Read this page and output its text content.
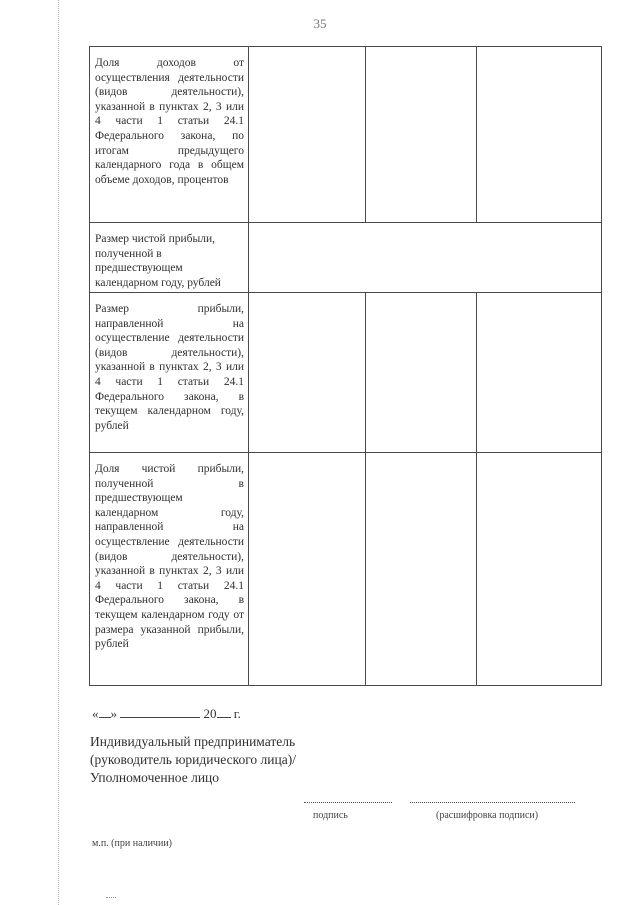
35
Доля доходов от осуществления деятельности (видов деятельности), указанной в пунктах 2, 3 или 4 части 1 статьи 24.1 Федерального закона, по итогам предыдущего календарного года в общем объеме доходов, процентов			
Размер чистой прибыли, полученной в предшествующем календарном году, рублей			
Размер прибыли, направленной на осуществление деятельности (видов деятельности), указанной в пунктах 2, 3 или 4 части 1 статьи 24.1 Федерального закона, в текущем календарном году, рублей			
Доля чистой прибыли, полученной в предшествующем календарном году, направленной на осуществление деятельности (видов деятельности), указанной в пунктах 2, 3 или 4 части 1 статьи 24.1 Федерального закона, в текущем календарном году от размера указанной прибыли, рублей			
« »	20 г.
Индивидуальный предприниматель (руководитель юридического лица)/Уполномоченное лицо
подпись	(расшифровка подписи)
м.п. (при наличии)
